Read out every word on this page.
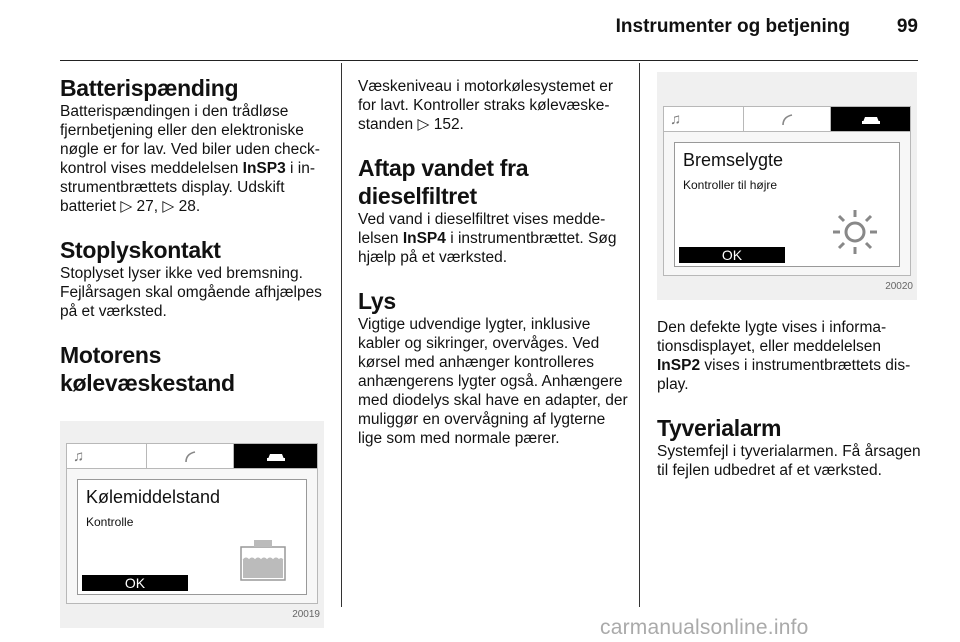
Instrumenter og betjening 99
Batterispænding

Batterispændingen i den trådløse fjernbetjening eller den elektroniske nøgle er for lav. Ved biler uden checkkontrol vises meddelelsen InSP3 i instrumentbrættets display. Udskift batteriet ▷ 27, ▷ 28.

Stoplyskontakt

Stoplyset lyser ikke ved bremsning. Fejlårsagen skal omgående afhjælpes på et værksted.

Motorens kølevæskestand
♫
Kølemiddelstand
Kontrolle
OK
20019

Væskeniveau i motorkølesystemet er for lavt. Kontroller straks kølevæskestanden ▷ 152.

Aftap vandet fra dieselfiltret

Ved vand i dieselfiltret vises meddelelsen InSP4 i instrumentbrættet. Søg hjælp på et værksted.

Lys

Vigtige udvendige lygter, inklusive kabler og sikringer, overvåges. Ved kørsel med anhænger kontrolleres anhængerens lygter også. Anhængere med diodelys skal have en adapter, der muliggør en overvågning af lygterne lige som med normale pærer.

♫
Bremselygte
Kontroller til højre
OK
20020

Den defekte lygte vises i informationsdisplayet, eller meddelelsen InSP2 vises i instrumentbrættets display.

Tyverialarm

Systemfejl i tyverialarmen. Få årsagen til fejlen udbedret af et værksted.

carmanualsonline.info
